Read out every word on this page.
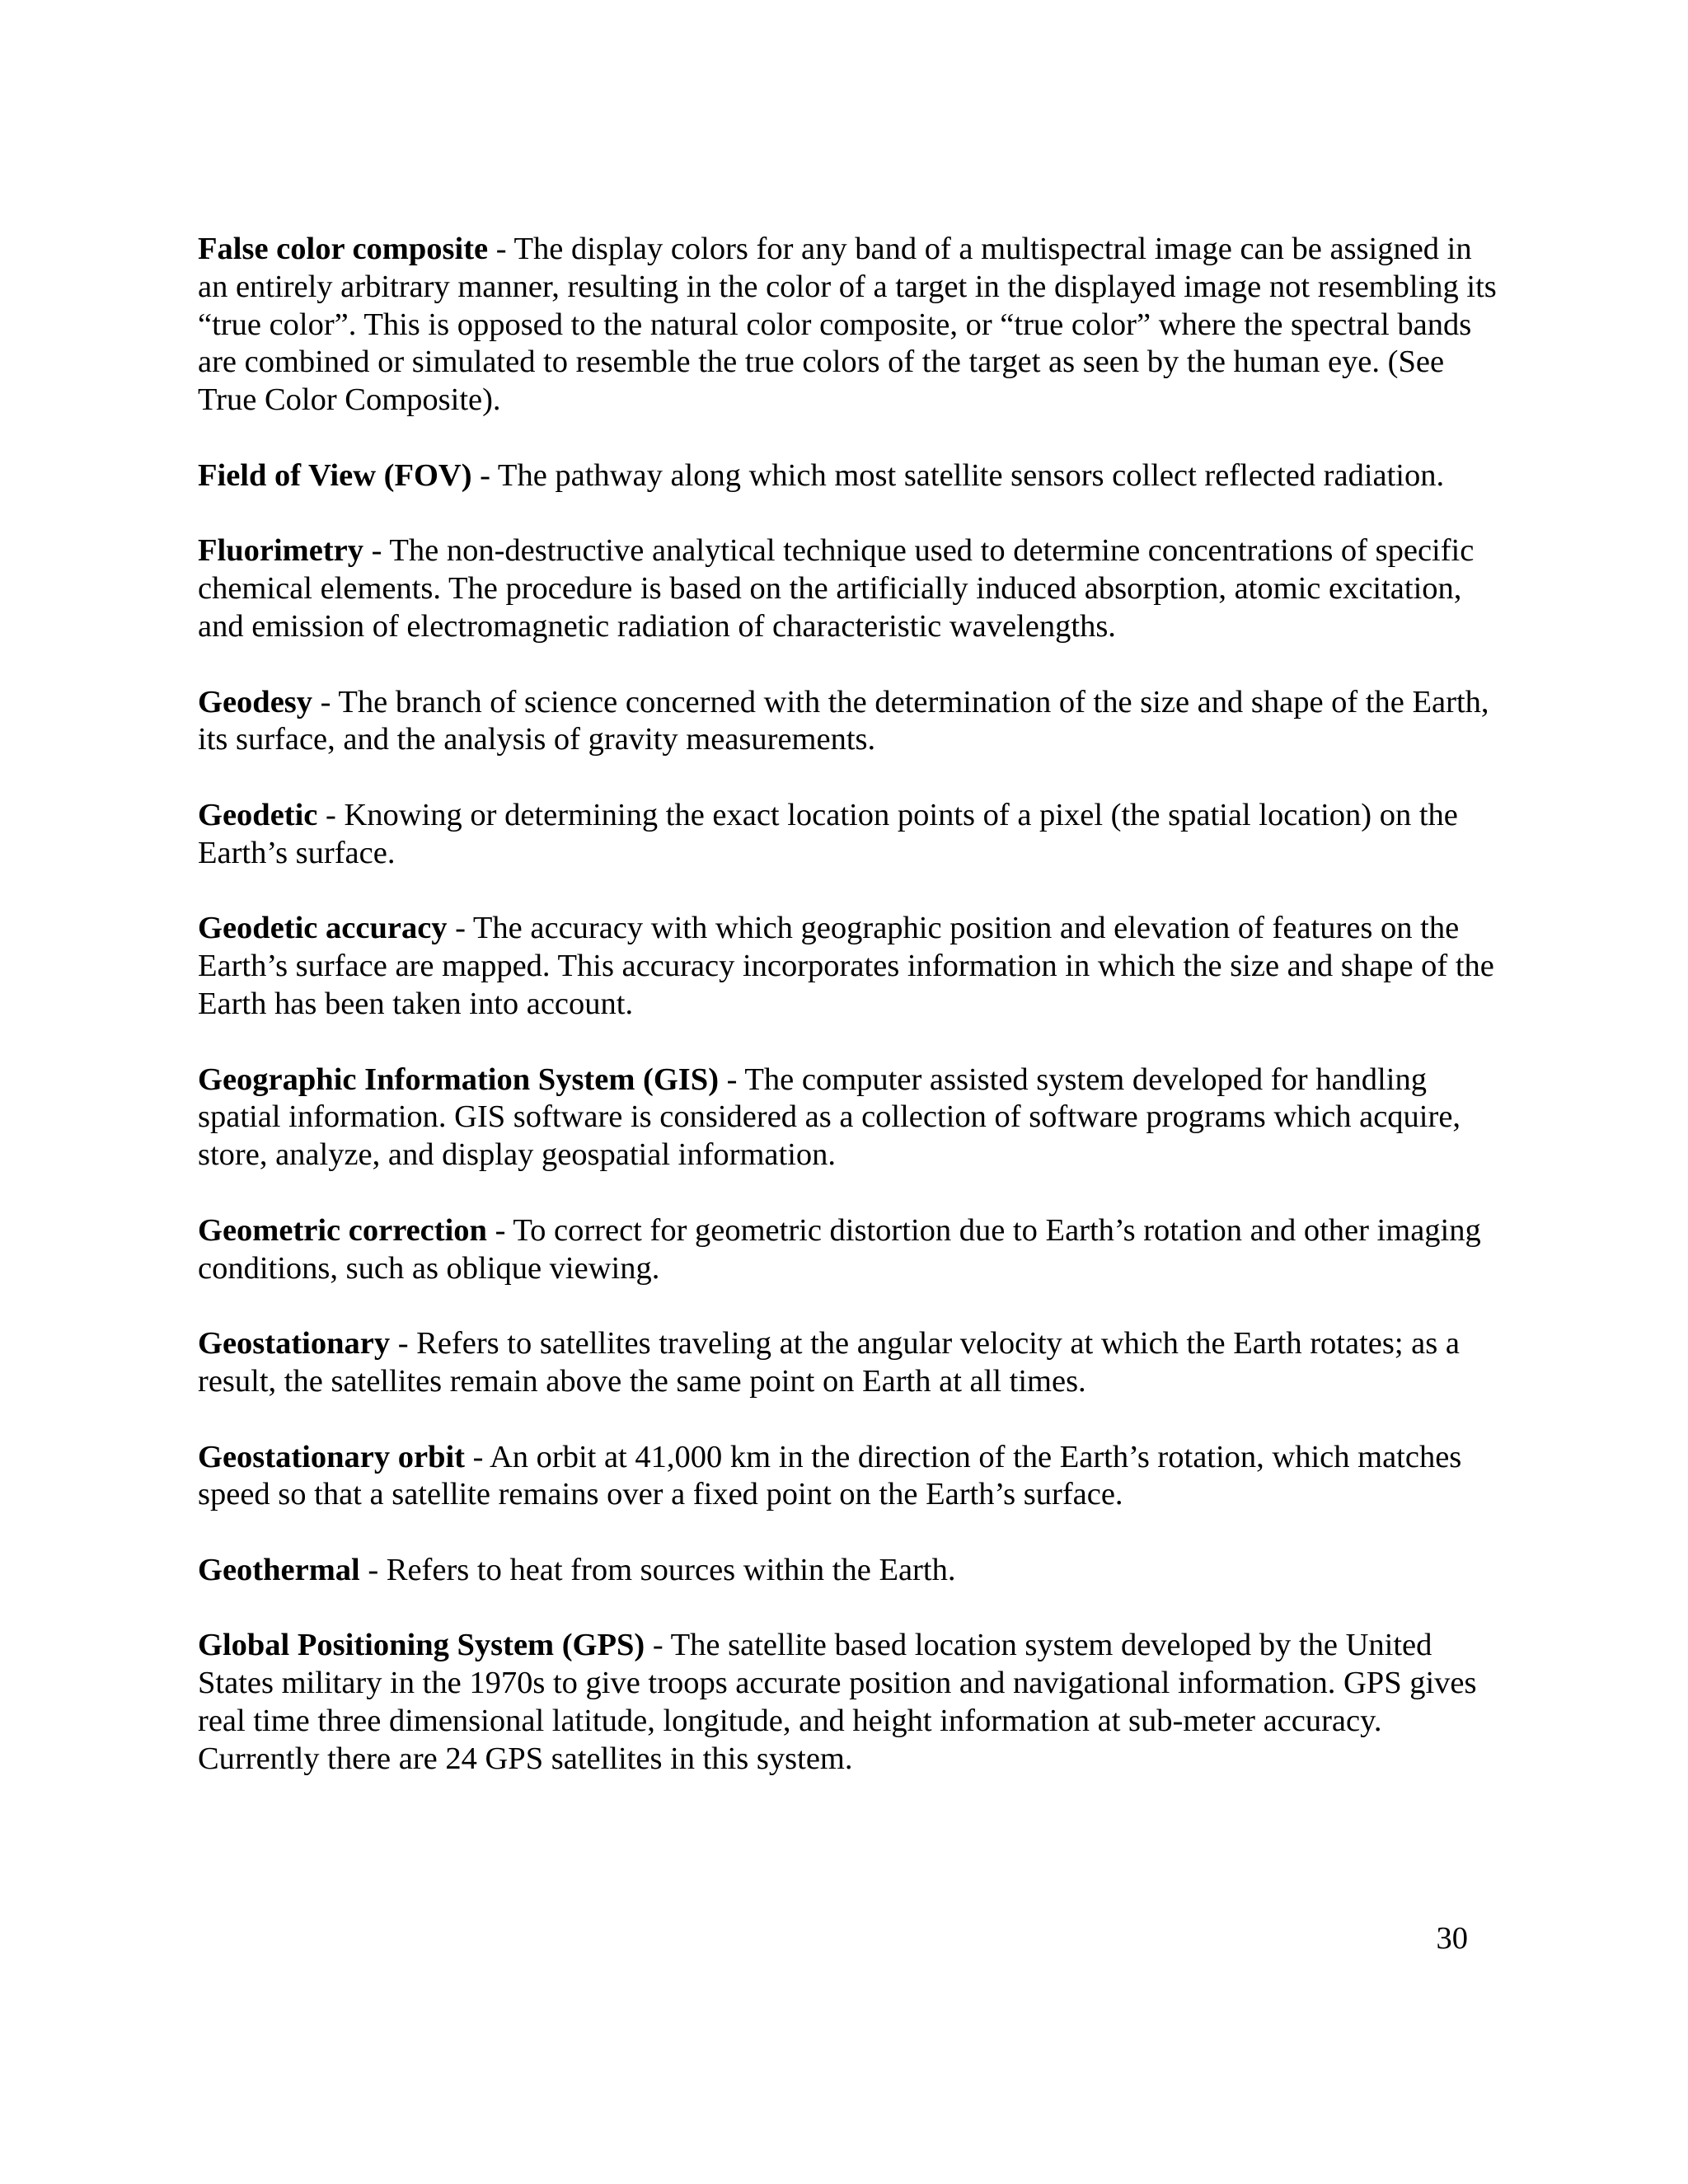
False color composite - The display colors for any band of a multispectral image can be assigned in an entirely arbitrary manner, resulting in the color of a target in the displayed image not resembling its “true color”. This is opposed to the natural color composite, or “true color” where the spectral bands are combined or simulated to resemble the true colors of the target as seen by the human eye. (See True Color Composite).

Field of View (FOV) - The pathway along which most satellite sensors collect reflected radiation.

Fluorimetry - The non-destructive analytical technique used to determine concentrations of specific chemical elements. The procedure is based on the artificially induced absorption, atomic excitation, and emission of electromagnetic radiation of characteristic wavelengths.

Geodesy - The branch of science concerned with the determination of the size and shape of the Earth, its surface, and the analysis of gravity measurements.

Geodetic - Knowing or determining the exact location points of a pixel (the spatial location) on the Earth’s surface.

Geodetic accuracy - The accuracy with which geographic position and elevation of features on the Earth’s surface are mapped. This accuracy incorporates information in which the size and shape of the Earth has been taken into account.

Geographic Information System (GIS) - The computer assisted system developed for handling spatial information. GIS software is considered as a collection of software programs which acquire, store, analyze, and display geospatial information.

Geometric correction - To correct for geometric distortion due to Earth’s rotation and other imaging conditions, such as oblique viewing.

Geostationary - Refers to satellites traveling at the angular velocity at which the Earth rotates; as a result, the satellites remain above the same point on Earth at all times.

Geostationary orbit - An orbit at 41,000 km in the direction of the Earth’s rotation, which matches speed so that a satellite remains over a fixed point on the Earth’s surface.

Geothermal - Refers to heat from sources within the Earth.

Global Positioning System (GPS) - The satellite based location system developed by the United States military in the 1970s to give troops accurate position and navigational information. GPS gives real time three dimensional latitude, longitude, and height information at sub-meter accuracy. Currently there are 24 GPS satellites in this system.

30
